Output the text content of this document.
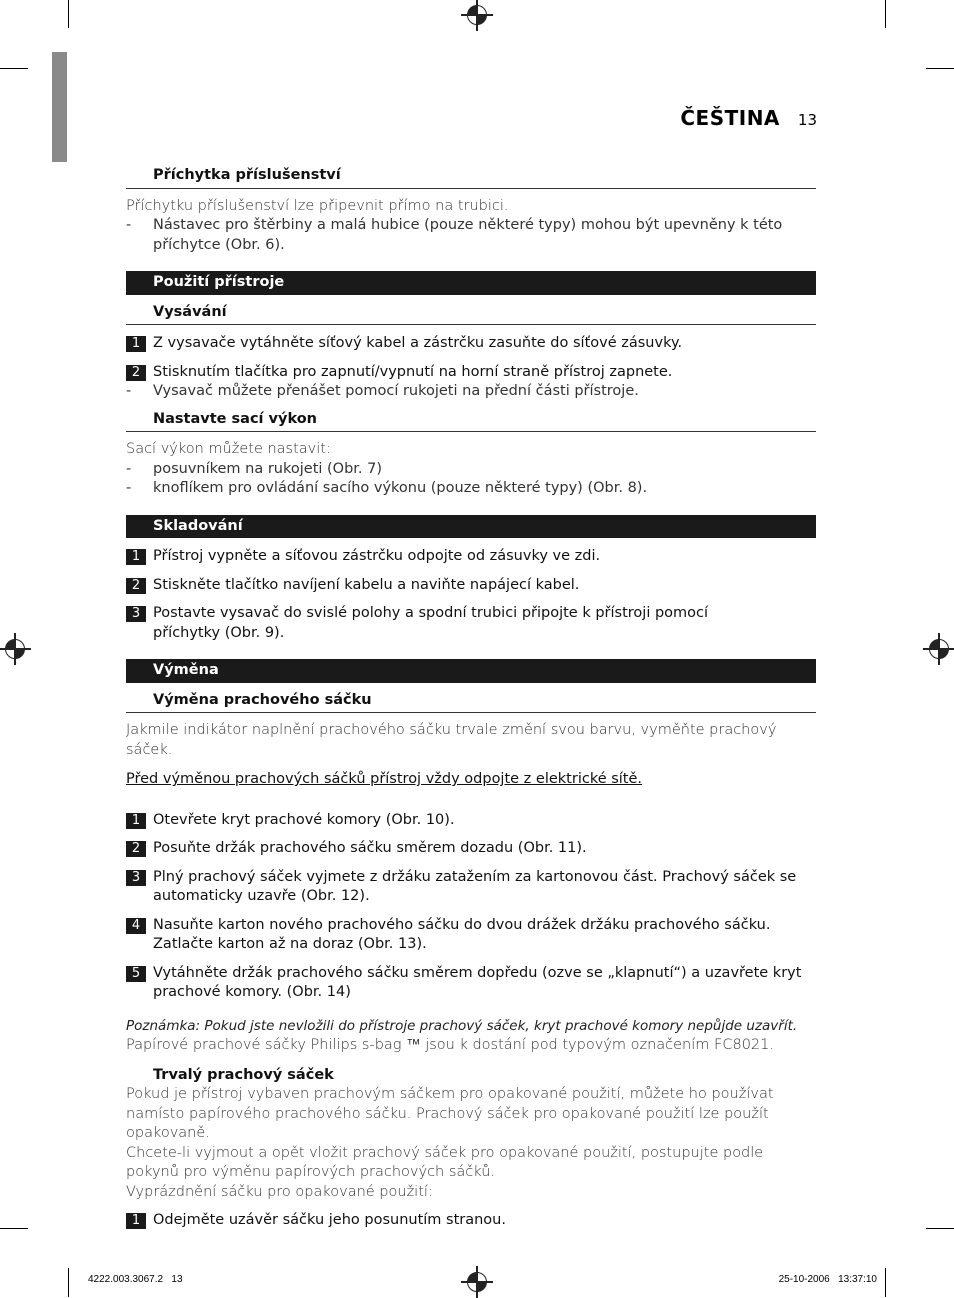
ČEŠTINA 13
Příchytka příslušenství
Příchytku příslušenství lze připevnit přímo na trubici.
-	Nástavec pro štěrbiny a malá hubice (pouze některé typy) mohou být upevněny k této příchytce (Obr. 6).
Použití přístroje
Vysávání
1 Z vysavače vytáhněte síťový kabel a zástrčku zasuňte do síťové zásuvky.
2 Stisknutím tlačítka pro zapnutí/vypnutí na horní straně přístroj zapnete.
-	Vysavač můžete přenášet pomocí rukojeti na přední části přístroje.
Nastavte sací výkon
Sací výkon můžete nastavit:
-	posuvníkem na rukojeti (Obr. 7)
-	knoflíkem pro ovládání sacího výkonu (pouze některé typy) (Obr. 8).
Skladování
1 Přístroj vypněte a síťovou zástrčku odpojte od zásuvky ve zdi.
2 Stiskněte tlačítko navíjení kabelu a naviňte napájecí kabel.
3 Postavte vysavač do svislé polohy a spodní trubici připojte k přístroji pomocí příchytky (Obr. 9).
Výměna
Výměna prachového sáčku
Jakmile indikátor naplnění prachového sáčku trvale změní svou barvu, vyměňte prachový sáček.
Před výměnou prachových sáčků přístroj vždy odpojte z elektrické sítě.
1 Otevřete kryt prachové komory (Obr. 10).
2 Posuňte držák prachového sáčku směrem dozadu (Obr. 11).
3 Plný prachový sáček vyjmete z držáku zatažením za kartonovou část. Prachový sáček se automaticky uzavře (Obr. 12).
4 Nasuňte karton nového prachového sáčku do dvou drážek držáku prachového sáčku. Zatlačte karton až na doraz (Obr. 13).
5 Vytáhněte držák prachového sáčku směrem dopředu (ozve se „klapnutí“) a uzavřete kryt prachové komory. (Obr. 14)
Poznámka: Pokud jste nevložili do přístroje prachový sáček, kryt prachové komory nepůjde uzavřít.
Papírové prachové sáčky Philips s-bag ™ jsou k dostání pod typovým označením FC8021.
Trvalý prachový sáček
Pokud je přístroj vybaven prachovým sáčkem pro opakované použití, můžete ho používat namísto papírového prachového sáčku. Prachový sáček pro opakované použití lze použít opakovaně.
Chcete-li vyjmout a opět vložit prachový sáček pro opakované použití, postupujte podle pokynů pro výměnu papírových prachových sáčků.
Vyprázdnění sáčku pro opakované použití:
1 Odejměte uzávěr sáčku jeho posunutím stranou.
4222.003.3067.2   13	25-10-2006   13:37:10
